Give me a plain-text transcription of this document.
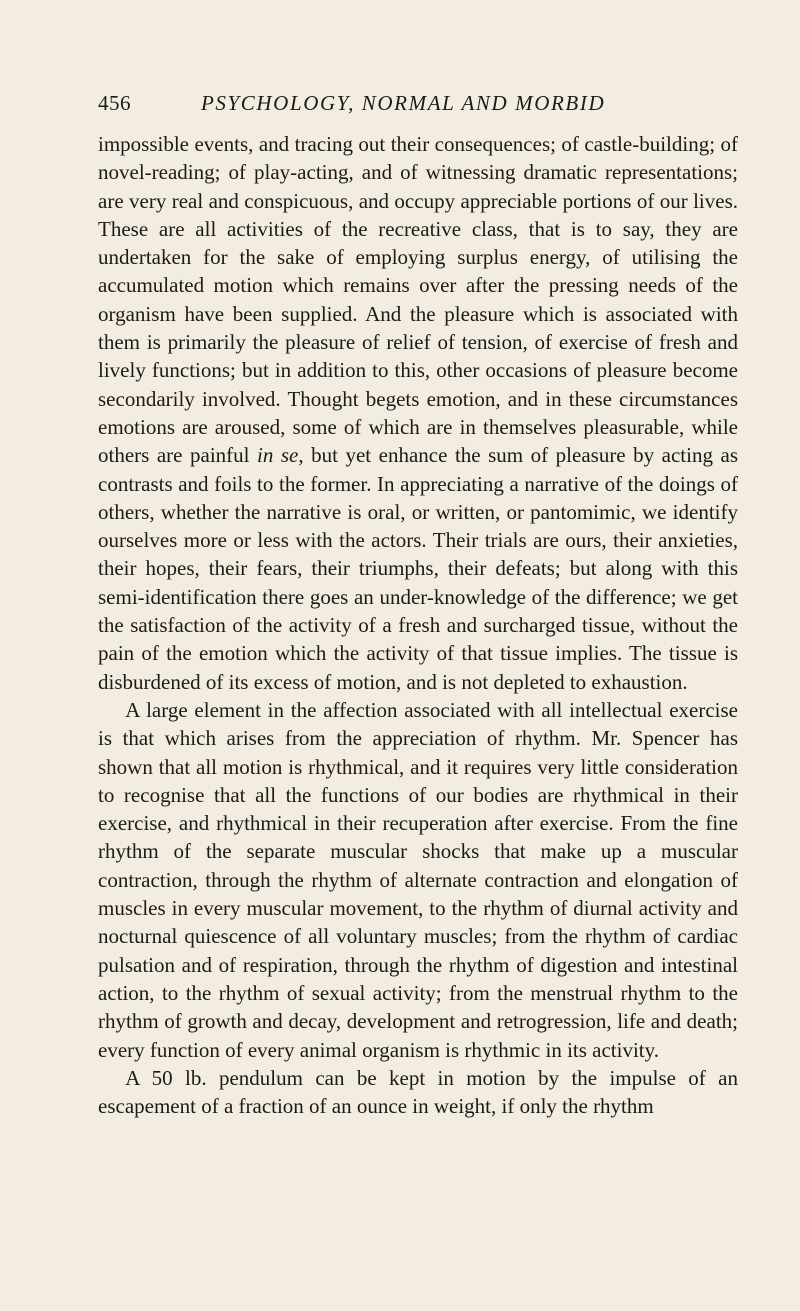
456	PSYCHOLOGY, NORMAL AND MORBID

impossible events, and tracing out their consequences; of castle-building; of novel-reading; of play-acting, and of witnessing dramatic representations; are very real and conspicuous, and occupy appreciable portions of our lives. These are all activities of the recreative class, that is to say, they are undertaken for the sake of employing surplus energy, of utilising the accumulated motion which remains over after the pressing needs of the organism have been supplied. And the pleasure which is associated with them is primarily the pleasure of relief of tension, of exercise of fresh and lively functions; but in addition to this, other occasions of pleasure become secondarily involved. Thought begets emotion, and in these circumstances emotions are aroused, some of which are in themselves pleasurable, while others are painful in se, but yet enhance the sum of pleasure by acting as contrasts and foils to the former. In appreciating a narrative of the doings of others, whether the narrative is oral, or written, or pantomimic, we identify ourselves more or less with the actors. Their trials are ours, their anxieties, their hopes, their fears, their triumphs, their defeats; but along with this semi-identification there goes an under-knowledge of the difference; we get the satisfaction of the activity of a fresh and surcharged tissue, without the pain of the emotion which the activity of that tissue implies. The tissue is disburdened of its excess of motion, and is not depleted to exhaustion.

A large element in the affection associated with all intellectual exercise is that which arises from the appreciation of rhythm. Mr. Spencer has shown that all motion is rhythmical, and it requires very little consideration to recognise that all the functions of our bodies are rhythmical in their exercise, and rhythmical in their recuperation after exercise. From the fine rhythm of the separate muscular shocks that make up a muscular contraction, through the rhythm of alternate contraction and elongation of muscles in every muscular movement, to the rhythm of diurnal activity and nocturnal quiescence of all voluntary muscles; from the rhythm of cardiac pulsation and of respiration, through the rhythm of digestion and intestinal action, to the rhythm of sexual activity; from the menstrual rhythm to the rhythm of growth and decay, development and retrogression, life and death; every function of every animal organism is rhythmic in its activity.

A 50 lb. pendulum can be kept in motion by the impulse of an escapement of a fraction of an ounce in weight, if only the rhythm
